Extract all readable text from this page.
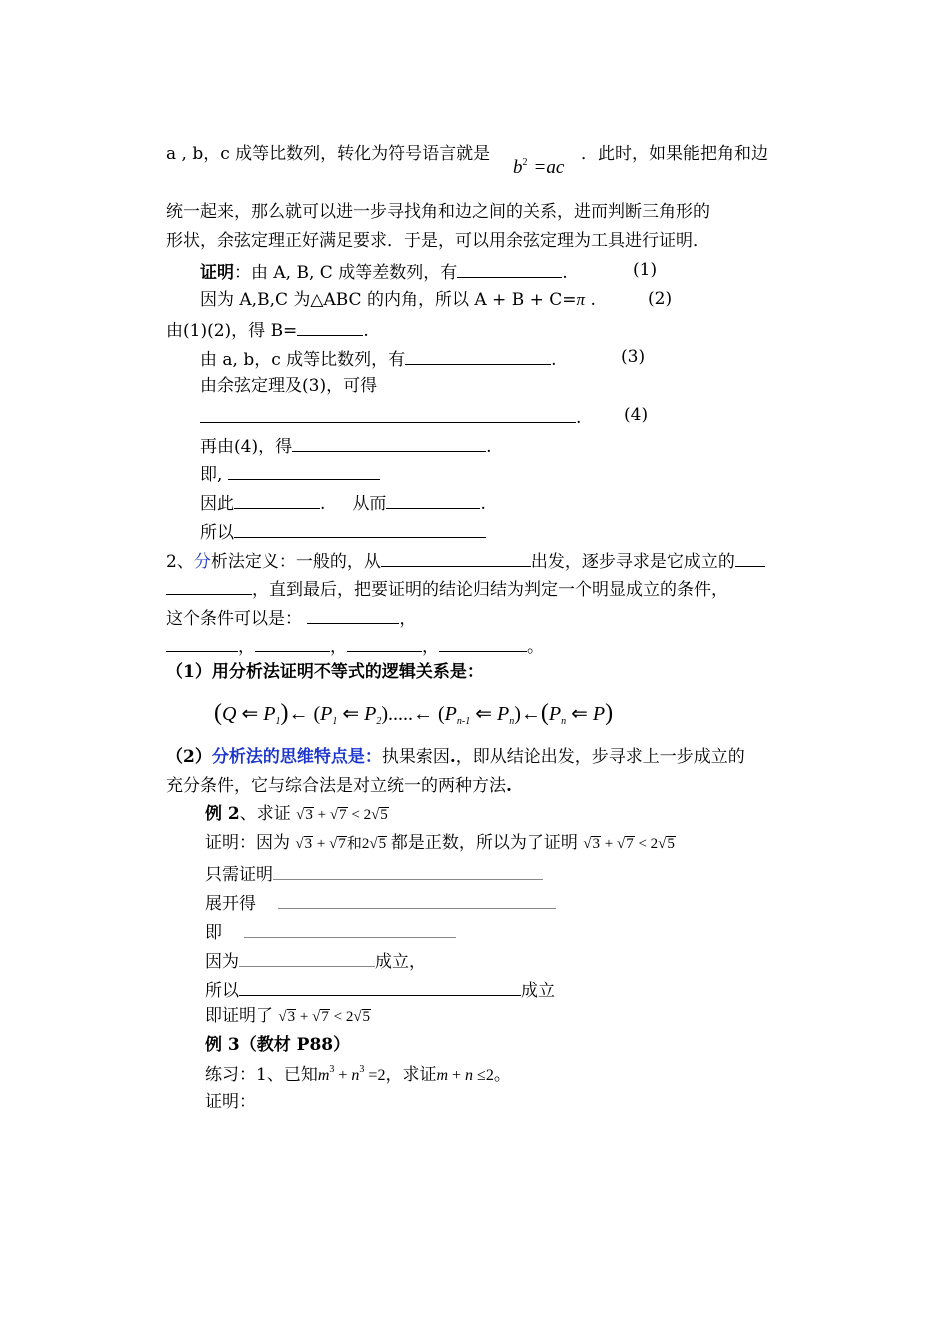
a , b，c 成等比数列，转化为符号语言就是
$b^2 =ac$
．此时，如果能把角和边
统一起来，那么就可以进一步寻找角和边之间的关系，进而判断三角形的
形状，余弦定理正好满足要求．于是，可以用余弦定理为工具进行证明．
证明：由 A, B, C 成等差数列，有	.	(1)
因为 A,B,C 为△ABC 的内角，所以 A + B + C=π .	(2)
由(1)(2)，得 B=	.
由 a, b，c 成等比数列，有	.	(3)
由余弦定理及(3)，可得
.	(4)
再由(4)，得	.
即,
因此	. 从而	.
所以
2、分析法定义：一般的，从	出发，逐步寻求是它成立的
，直到最后，把要证明的结论归结为判定一个明显成立的条件，
这个条件可以是：	，
，	，	，	。
（1）用分析法证明不等式的逻辑关系是：
(Q ⇐ $P_1)\leftarrow$ ($P_1$ ⇐ $P_2).....\leftarrow$ ($P_{n-1}$ ⇐ $P_n)\leftarrow(P_n$ ⇐ P)
（2）分析法的思维特点是：执果索因.，即从结论出发，步寻求上一步成立的
充分条件，它与综合法是对立统一的两种方法.
例 2、求证 √3 + √7 < 2√5
证明：因为 √3 + √7和2√5 都是正数，所以为了证明 √3 + √7 < 2√5
只需证明
展开得
即
因为	成立，
所以	成立
即证明了 √3 + √7 < 2√5
例 3（教材 P88）
练习：1、已知$m^3 + n^3 =2$，求证m + n ≤2。
证明：
